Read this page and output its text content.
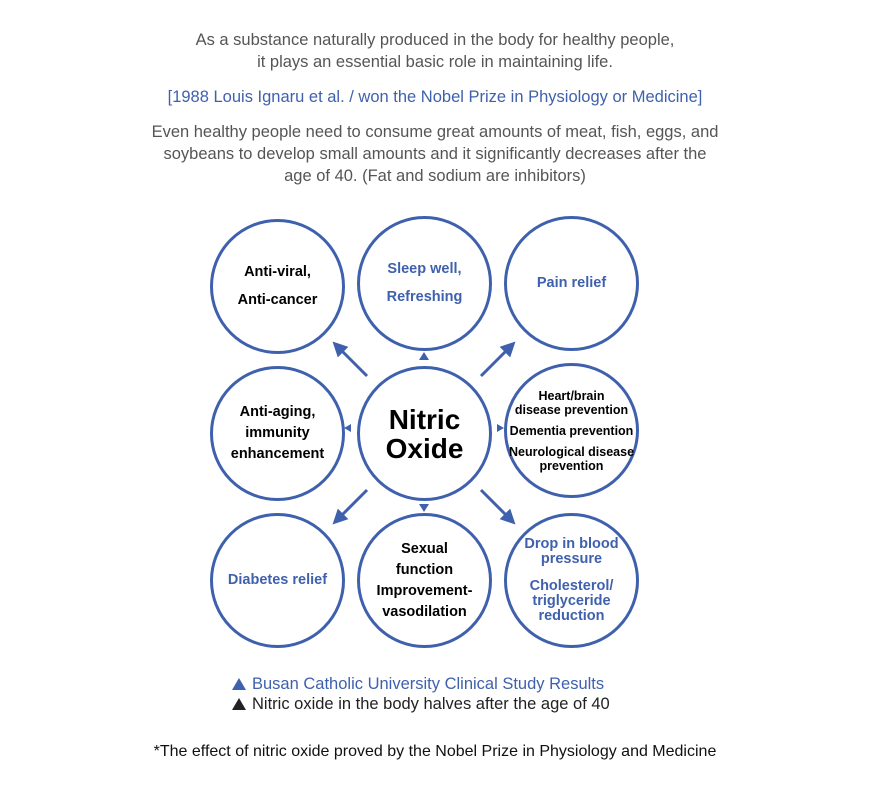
As a substance naturally produced in the body for healthy people,
it plays an essential basic role in maintaining life.

[1988 Louis Ignaru et al. / won the Nobel Prize in Physiology or Medicine]

Even healthy people need to consume great amounts of meat, fish, eggs, and
soybeans to develop small amounts and it significantly decreases after the
age of 40. (Fat and sodium are inhibitors)

Anti-viral,
Anti-cancer
Sleep well,
Refreshing
Pain relief
Anti-aging,
immunity
enhancement
Nitric
Oxide
Heart/brain
disease prevention
Dementia prevention
Neurological disease
prevention
Diabetes relief
Sexual
function
Improvement-
vasodilation
Drop in blood
pressure
Cholesterol/
triglyceride
reduction
Busan Catholic University Clinical Study Results
Nitric oxide in the body halves after the age of 40

*The effect of nitric oxide proved by the Nobel Prize in Physiology and Medicine
